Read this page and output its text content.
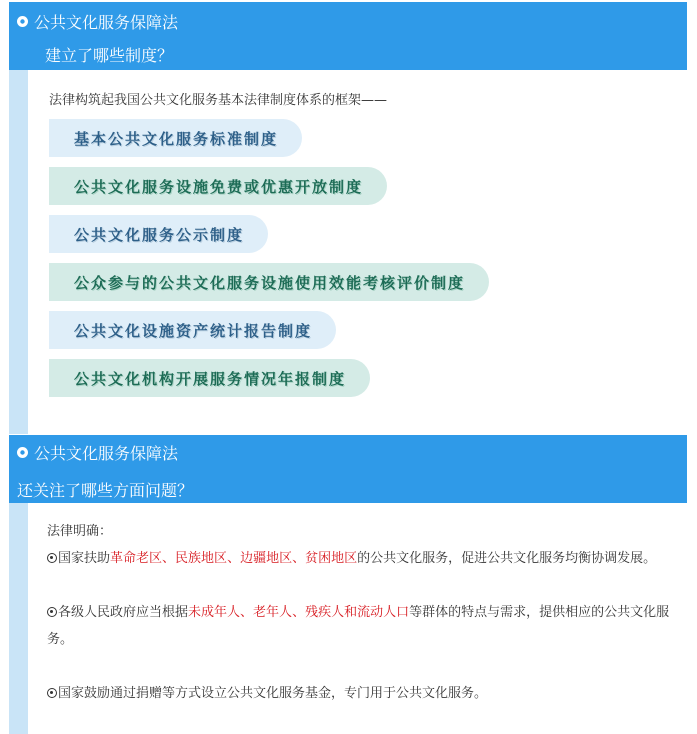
公共文化服务保障法
建立了哪些制度？
法律构筑起我国公共文化服务基本法律制度体系的框架——
基本公共文化服务标准制度
公共文化服务设施免费或优惠开放制度
公共文化服务公示制度
公众参与的公共文化服务设施使用效能考核评价制度
公共文化设施资产统计报告制度
公共文化机构开展服务情况年报制度
公共文化服务保障法
还关注了哪些方面问题？

法律明确：

国家扶助革命老区、民族地区、边疆地区、贫困地区的公共文化服务，促进公共文化服务均衡协调发展。

各级人民政府应当根据未成年人、老年人、残疾人和流动人口等群体的特点与需求，提供相应的公共文化服务。

国家鼓励通过捐赠等方式设立公共文化服务基金，专门用于公共文化服务。
